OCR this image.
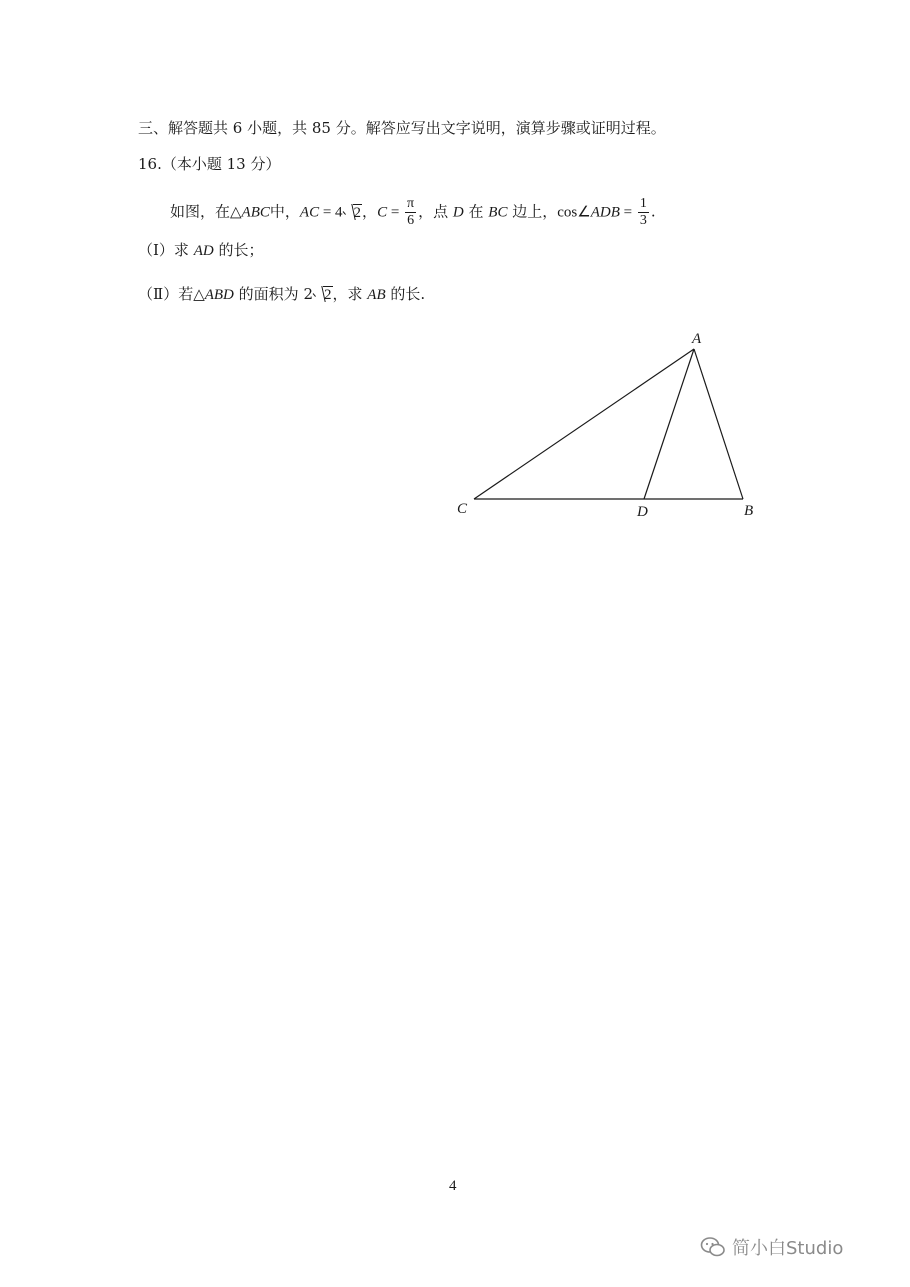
三、解答题共 6 小题，共 85 分。解答应写出文字说明，演算步骤或证明过程。
16.（本小题 13 分）
如图，在△ABC中，AC = 4 2，$C = \frac{\pi}{6}$ ，点 D 在 BC 边上，cos∠ADB = $\frac{1}{3}$ .
（Ⅰ）求 AD 的长；
（Ⅱ）若△ABD 的面积为 2 2，求 AB 的长.
A
B
C	D
4
简小白Studio
